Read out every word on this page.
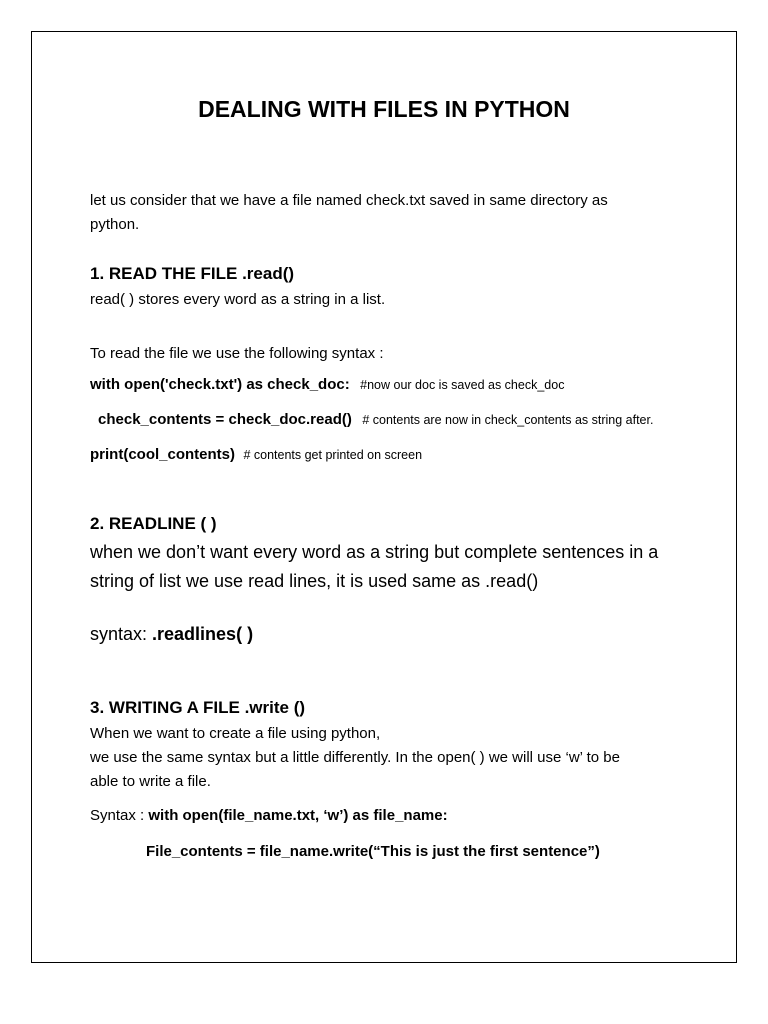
DEALING WITH FILES IN PYTHON
let us consider that we have a file named check.txt saved in same directory as
python.
1. READ THE FILE .read()
read( ) stores every word as a string in a list.
To read the file we use the following syntax :
with open('check.txt') as check_doc: #now our doc is saved as check_doc
check_contents = check_doc.read() # contents are now in check_contents as string after.
print(cool_contents) # contents get printed on screen
2. READLINE ( )
when we don’t want every word as a string but complete sentences in a
string of list we use read lines, it is used same as .read()
syntax: .readlines( )
3. WRITING A FILE .write ()
When we want to create a file using python,
we use the same syntax but a little differently. In the open( ) we will use ‘w’ to be
able to write a file.
Syntax : with open(file_name.txt, ‘w’) as file_name:
File_contents = file_name.write(“This is just the first sentence”)
